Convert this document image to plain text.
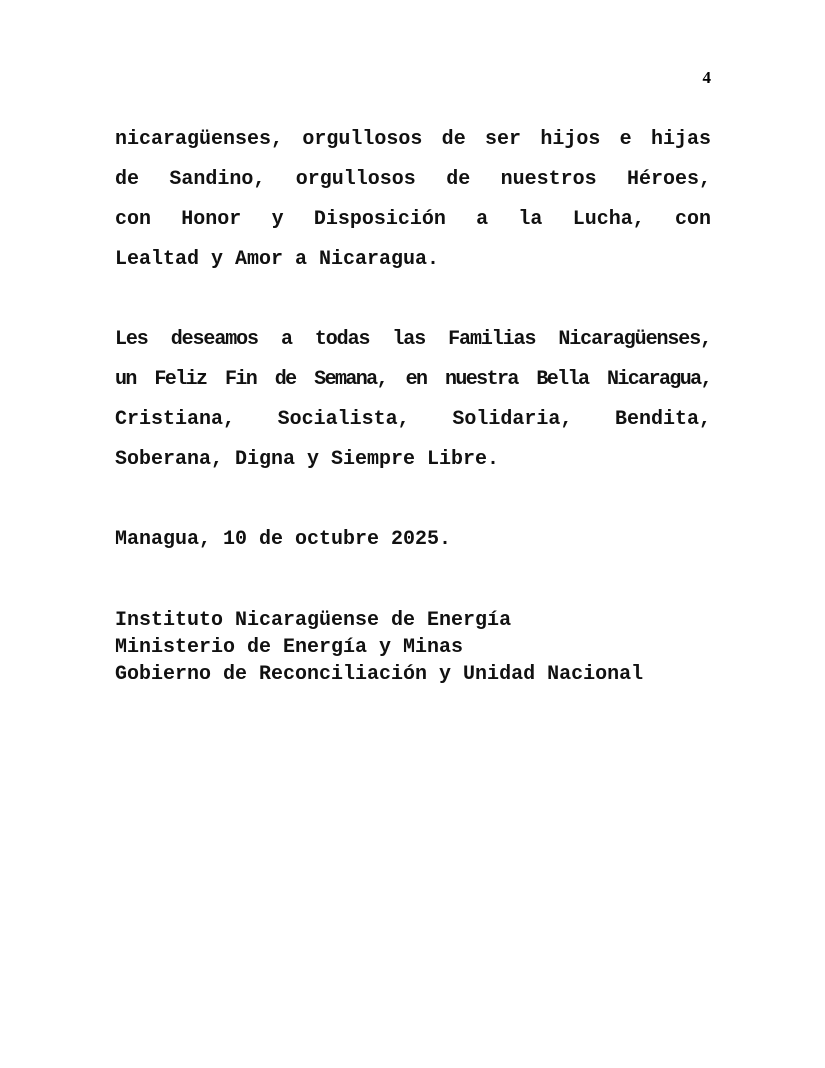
4
nicaragüenses, orgullosos de ser hijos e hijas
de Sandino, orgullosos de nuestros Héroes,
con Honor y Disposición a la Lucha, con
Lealtad y Amor a Nicaragua.
Les deseamos a todas las Familias Nicaragüenses,
un Feliz Fin de Semana, en nuestra Bella Nicaragua,
Cristiana, Socialista, Solidaria, Bendita,
Soberana, Digna y Siempre Libre.
Managua, 10 de octubre 2025.
Instituto Nicaragüense de Energía
Ministerio de Energía y Minas
Gobierno de Reconciliación y Unidad Nacional
